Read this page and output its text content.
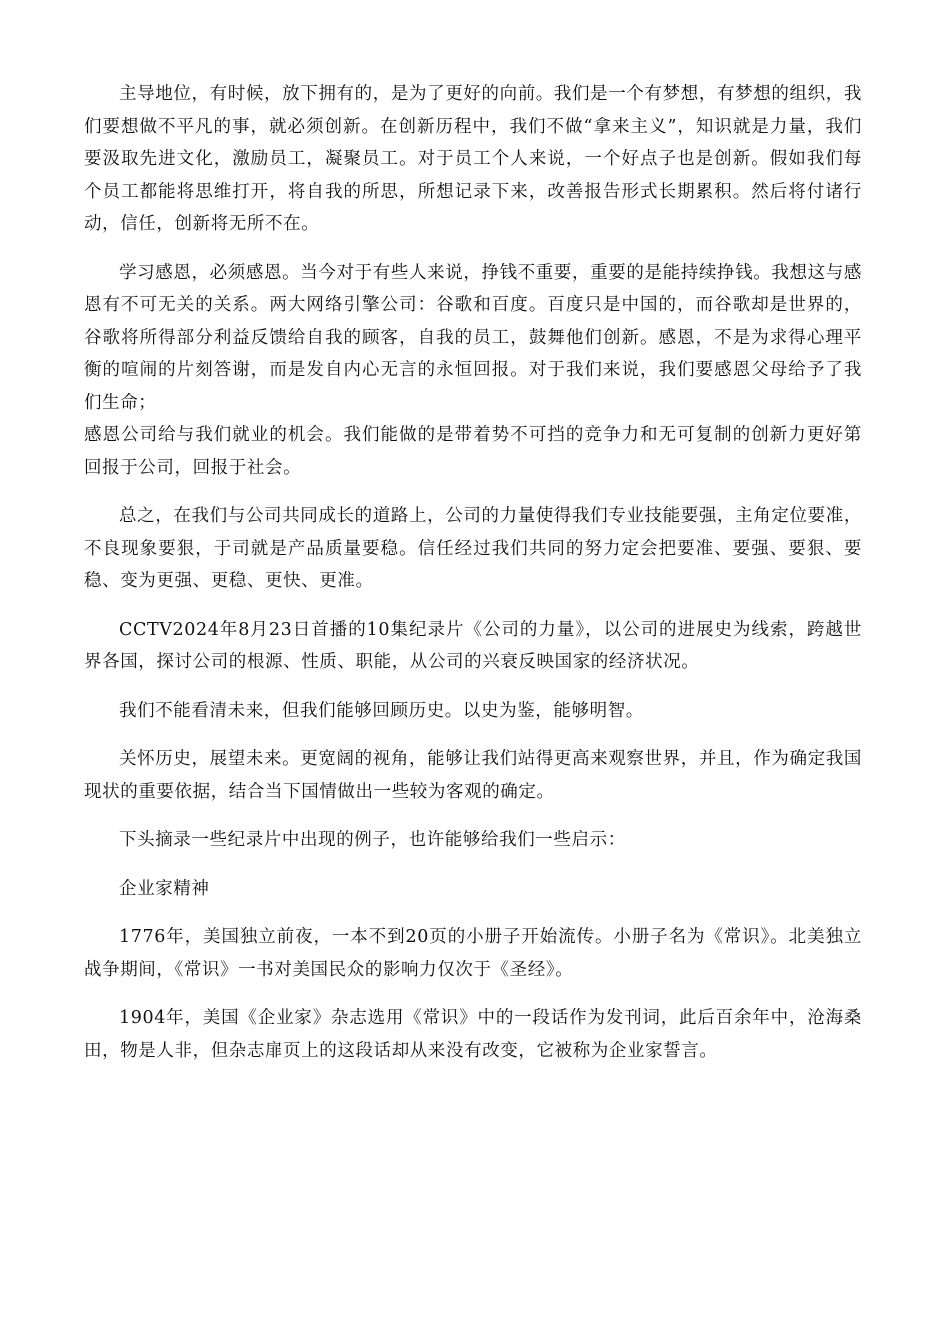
主导地位，有时候，放下拥有的，是为了更好的向前。我们是一个有梦想，有梦想的组织，我们要想做不平凡的事，就必须创新。在创新历程中，我们不做“拿来主义”，知识就是力量，我们要汲取先进文化，激励员工，凝聚员工。对于员工个人来说，一个好点子也是创新。假如我们每个员工都能将思维打开，将自我的所思，所想记录下来，改善报告形式长期累积。然后将付诸行动，信任，创新将无所不在。

学习感恩，必须感恩。当今对于有些人来说，挣钱不重要，重要的是能持续挣钱。我想这与感恩有不可无关的关系。两大网络引擎公司：谷歌和百度。百度只是中国的，而谷歌却是世界的，谷歌将所得部分利益反馈给自我的顾客，自我的员工，鼓舞他们创新。感恩，不是为求得心理平衡的喧闹的片刻答谢，而是发自内心无言的永恒回报。对于我们来说，我们要感恩父母给予了我们生命；

感恩公司给与我们就业的机会。我们能做的是带着势不可挡的竞争力和无可复制的创新力更好第回报于公司，回报于社会。

总之，在我们与公司共同成长的道路上，公司的力量使得我们专业技能要强，主角定位要准，不良现象要狠，于司就是产品质量要稳。信任经过我们共同的努力定会把要准、要强、要狠、要稳、变为更强、更稳、更快、更准。

CCTV2024年8月23日首播的10集纪录片《公司的力量》，以公司的进展史为线索，跨越世界各国，探讨公司的根源、性质、职能，从公司的兴衰反映国家的经济状况。

我们不能看清未来，但我们能够回顾历史。以史为鉴，能够明智。

关怀历史，展望未来。更宽阔的视角，能够让我们站得更高来观察世界，并且，作为确定我国现状的重要依据，结合当下国情做出一些较为客观的确定。

下头摘录一些纪录片中出现的例子，也许能够给我们一些启示：

企业家精神

1776年，美国独立前夜，一本不到20页的小册子开始流传。小册子名为《常识》。北美独立战争期间，《常识》一书对美国民众的影响力仅次于《圣经》。

1904年，美国《企业家》杂志选用《常识》中的一段话作为发刊词，此后百余年中，沧海桑田，物是人非，但杂志扉页上的这段话却从来没有改变，它被称为企业家誓言。
